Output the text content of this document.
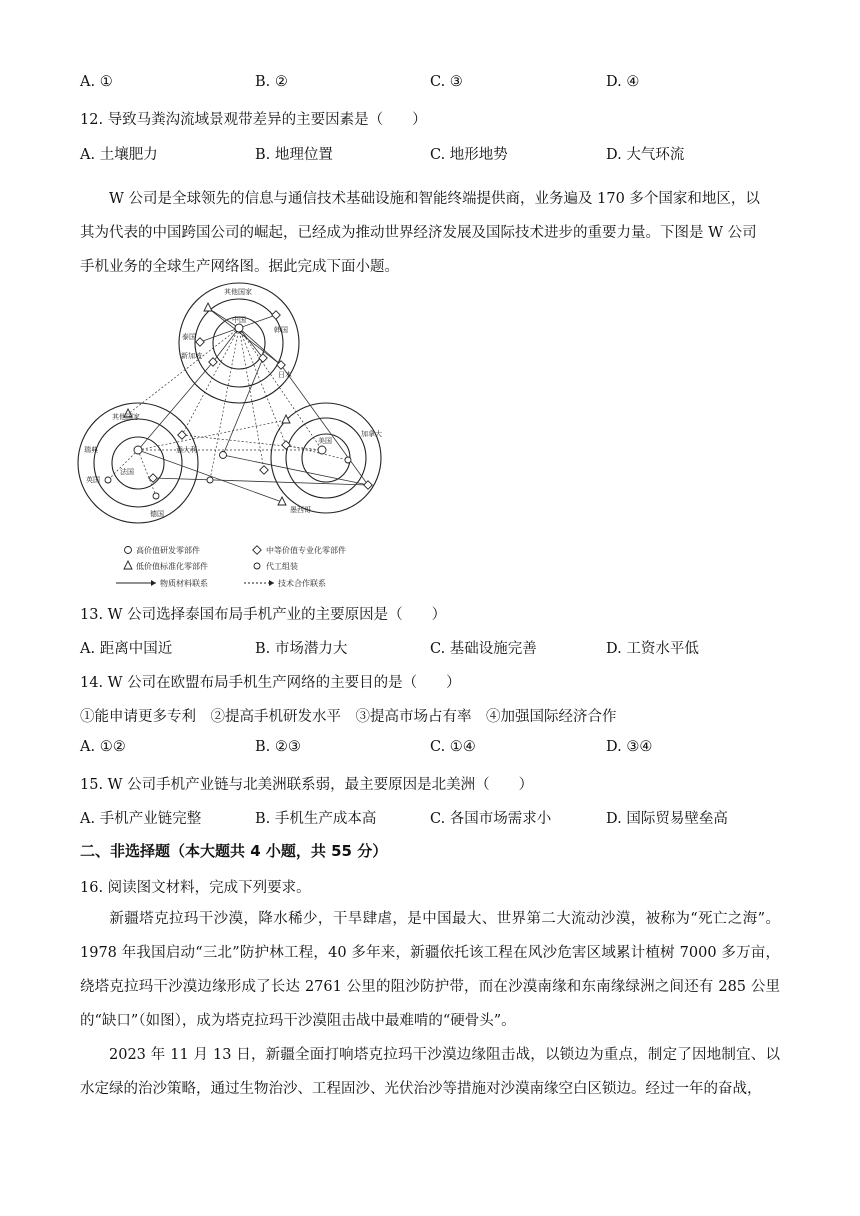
A. ①	B. ②	C. ③	D. ④
12. 导致马粪沟流域景观带差异的主要因素是（　　）
A. 土壤肥力	B. 地理位置	C. 地形地势	D. 大气环流
W 公司是全球领先的信息与通信技术基础设施和智能终端提供商，业务遍及 170 多个国家和地区，以
其为代表的中国跨国公司的崛起，已经成为推动世界经济发展及国际技术进步的重要力量。下图是 W 公司
手机业务的全球生产网络图。据此完成下面小题。
其他国家
中国
韩国
泰国
新加坡
日本
其他国家
瑞典
英国
法国
意大利
德国
美国
加拿大
墨西哥
高价值研发零部件	中等价值专业化零部件
低价值标准化零部件	代工组装
物质材料联系	技术合作联系
13. W 公司选择泰国布局手机产业的主要原因是（　　）
A. 距离中国近	B. 市场潜力大	C. 基础设施完善	D. 工资水平低
14. W 公司在欧盟布局手机生产网络的主要目的是（　　）
①能申请更多专利　②提高手机研发水平　③提高市场占有率　④加强国际经济合作
A. ①②	B. ②③	C. ①④	D. ③④
15. W 公司手机产业链与北美洲联系弱，最主要原因是北美洲（　　）
A. 手机产业链完整	B. 手机生产成本高	C. 各国市场需求小	D. 国际贸易壁垒高
二、非选择题（本大题共 4 小题，共 55 分）
16. 阅读图文材料，完成下列要求。
新疆塔克拉玛干沙漠，降水稀少，干旱肆虐，是中国最大、世界第二大流动沙漠，被称为“死亡之海”。1978 年我国启动“三北”防护林工程，40 多年来，新疆依托该工程在风沙危害区域累计植树 7000 多万亩，绕塔克拉玛干沙漠边缘形成了长达 2761 公里的阻沙防护带，而在沙漠南缘和东南缘绿洲之间还有 285 公里的“缺口”（如图），成为塔克拉玛干沙漠阻击战中最难啃的“硬骨头”。
2023 年 11 月 13 日，新疆全面打响塔克拉玛干沙漠边缘阻击战，以锁边为重点，制定了因地制宜、以水定绿的治沙策略，通过生物治沙、工程固沙、光伏治沙等措施对沙漠南缘空白区锁边。经过一年的奋战，
